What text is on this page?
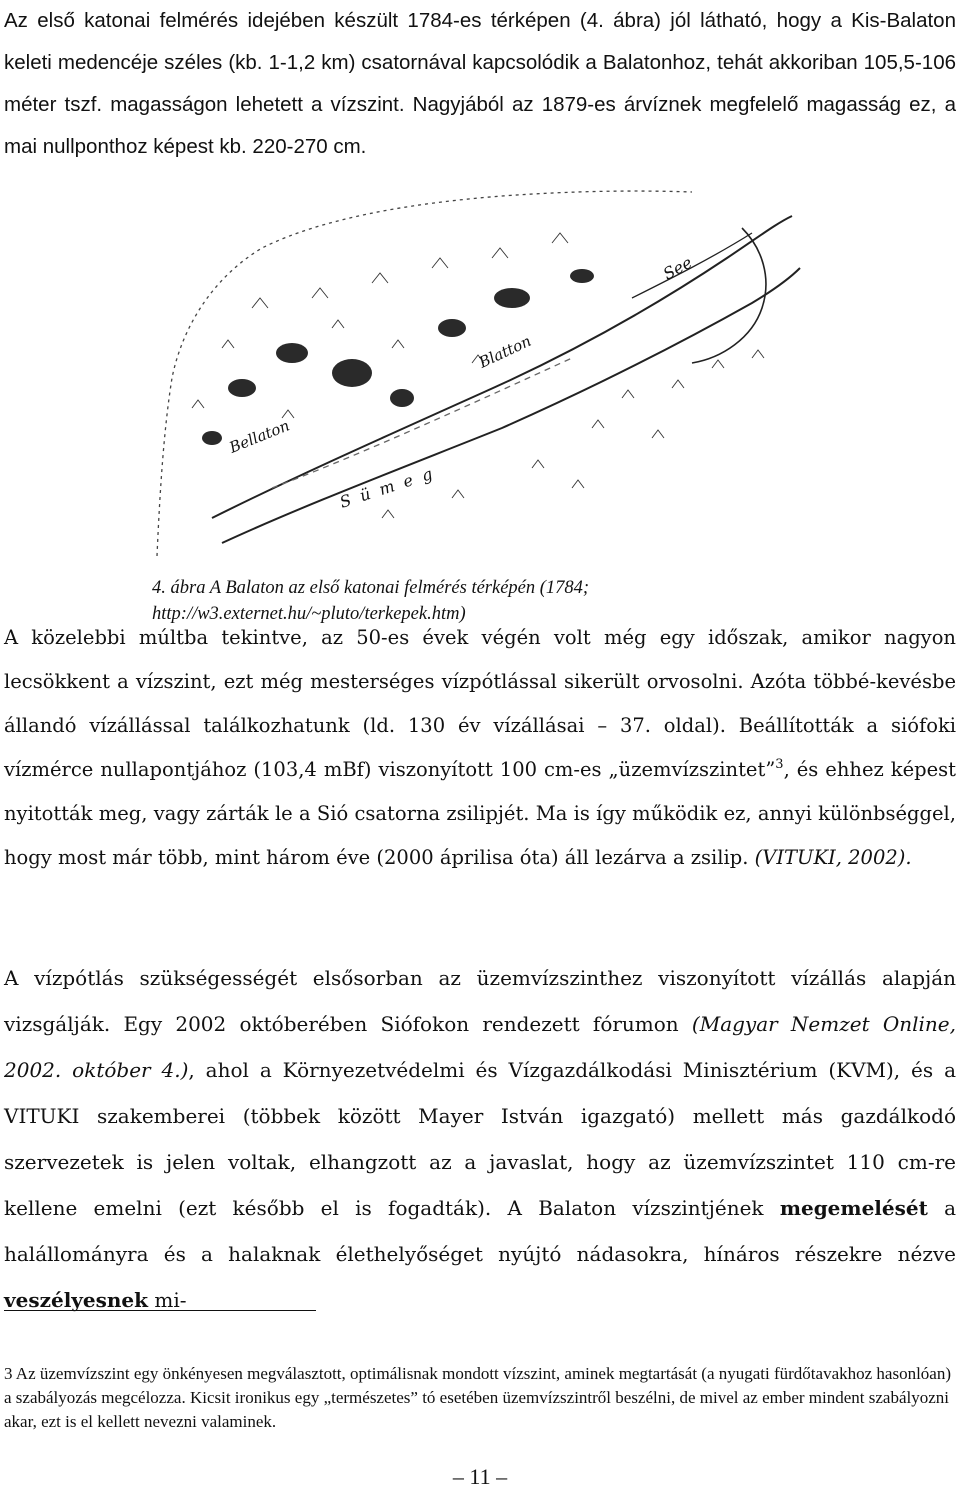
Az első katonai felmérés idejében készült 1784-es térképen (4. ábra) jól látható, hogy a Kis-Balaton keleti medencéje széles (kb. 1-1,2 km) csatornával kapcsolódik a Balatonhoz, tehát akkoriban 105,5-106 méter tszf. magasságon lehetett a vízszint. Nagyjából az 1879-es árvíznek megfelelő magasság ez, a mai nullponthoz képest kb. 220-270 cm.

See
Blatton
Bellaton
Sümeg

4. ábra A Balaton az első katonai felmérés térképén (1784; http://w3.externet.hu/~pluto/terkepek.htm)

A közelebbi múltba tekintve, az 50-es évek végén volt még egy időszak, amikor nagyon lecsökkent a vízszint, ezt még mesterséges vízpótlással sikerült orvosolni. Azóta többé-kevésbe állandó vízállással találkozhatunk (ld. 130 év vízállásai – 37. oldal). Beállították a siófoki vízmérce nullapontjához (103,4 mBf) viszonyított 100 cm-es „üzemvízszintet”$^3$, és ehhez képest nyitották meg, vagy zárták le a Sió csatorna zsilipjét. Ma is így működik ez, annyi különbséggel, hogy most már több, mint három éve (2000 áprilisa óta) áll lezárva a zsilip. (VITUKI, 2002).

A vízpótlás szükségességét elsősorban az üzemvízszinthez viszonyított vízállás alapján vizsgálják. Egy 2002 októberében Siófokon rendezett fórumon (Magyar Nemzet Online, 2002. október 4.), ahol a Környezetvédelmi és Vízgazdálkodási Minisztérium (KVM), és a VITUKI szakemberei (többek között Mayer István igazgató) mellett más gazdálkodó szervezetek is jelen voltak, elhangzott az a javaslat, hogy az üzemvízszintet 110 cm-re kellene emelni (ezt később el is fogadták). A Balaton vízszintjének megemelését a halállományra és a halaknak élethelyőséget nyújtó nádasokra, hínáros részekre nézve veszélyesnek mi-

3 Az üzemvízszint egy önkényesen megválasztott, optimálisnak mondott vízszint, aminek megtartását (a nyugati fürdőtavakhoz hasonlóan) a szabályozás megcélozza. Kicsit ironikus egy „természetes” tó esetében üzemvízszintről beszélni, de mivel az ember mindent szabályozni akar, ezt is el kellett nevezni valaminek.

– 11 –
